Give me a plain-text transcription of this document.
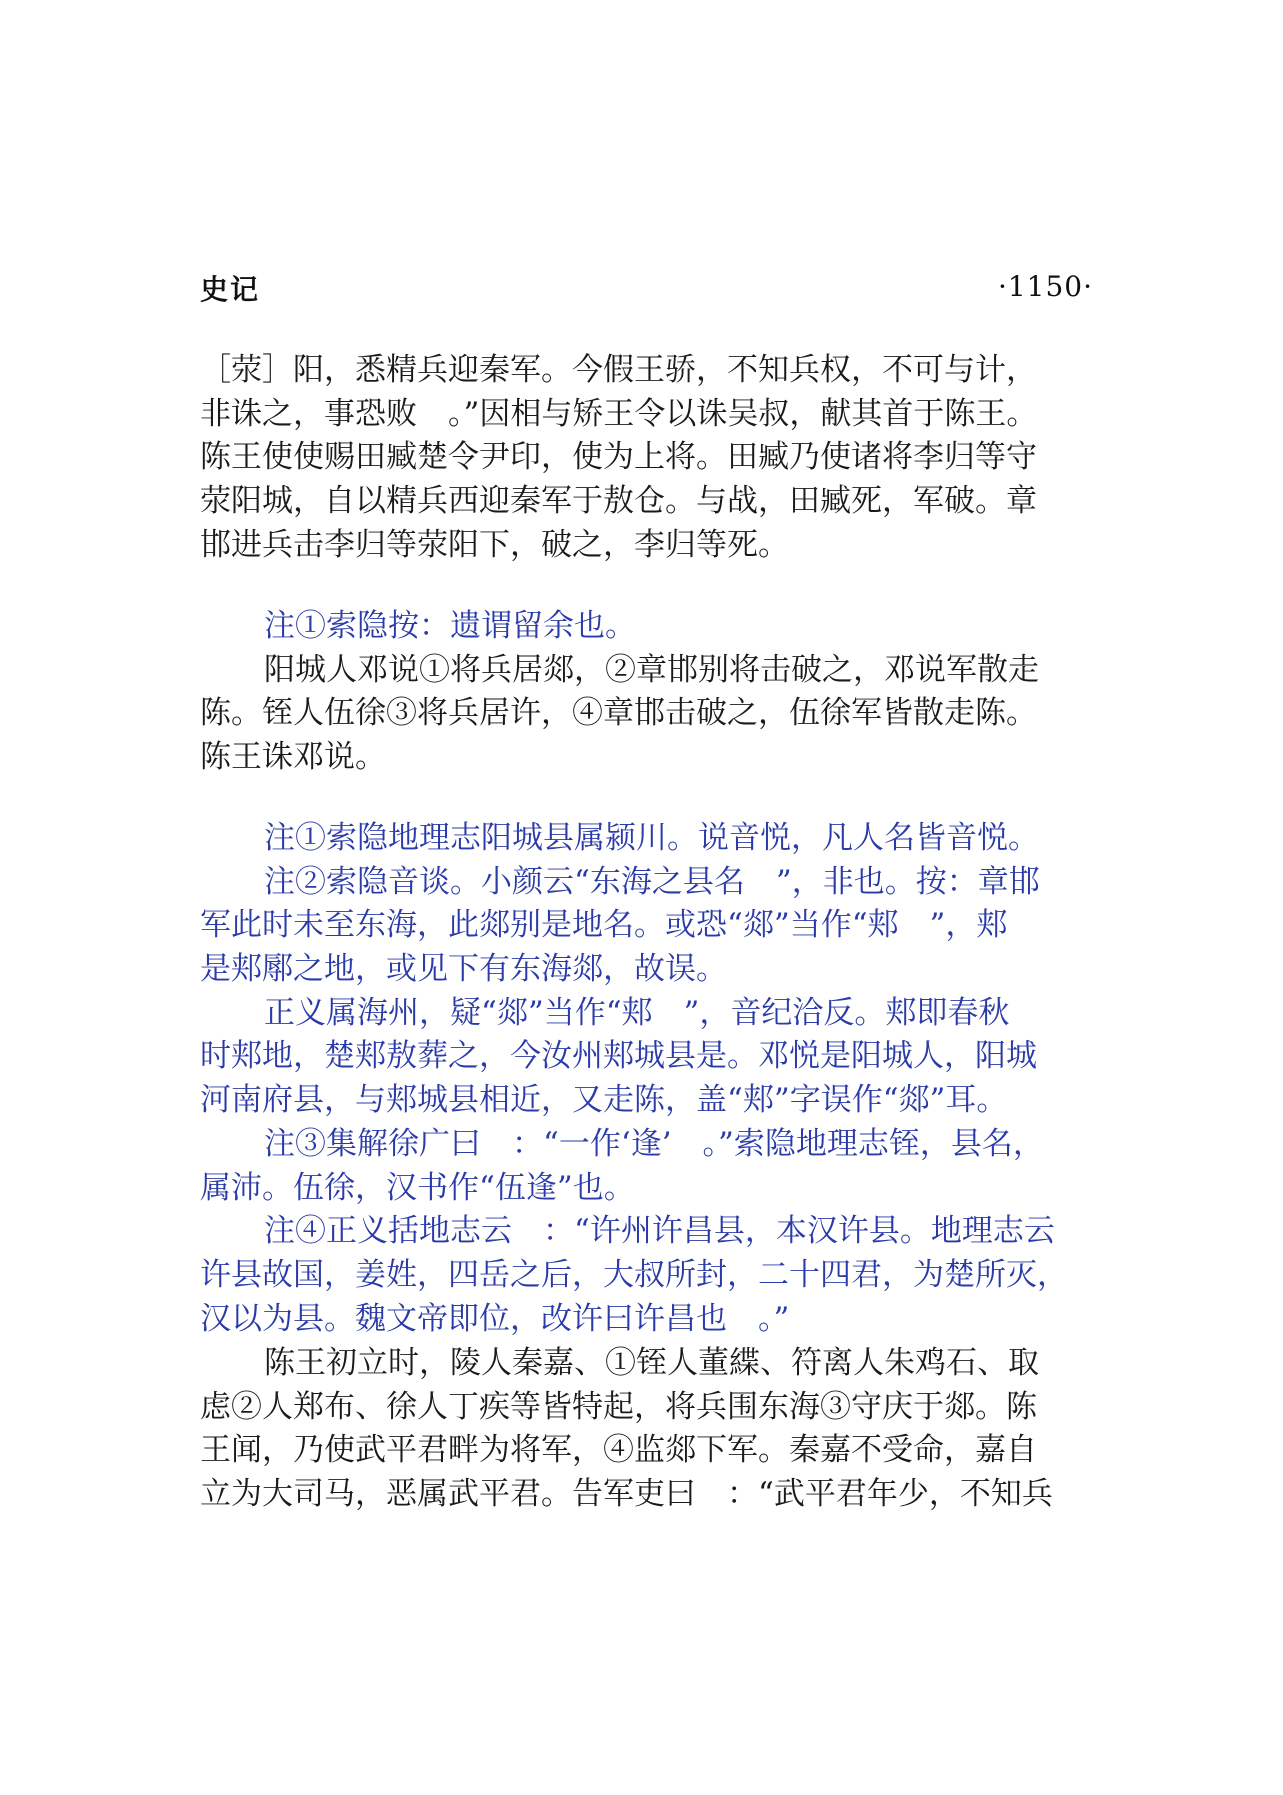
史记	·1150·
［荥］阳，悉精兵迎秦军。今假王骄，不知兵权，不可与计，
非诛之，事恐败　。”因相与矫王令以诛吴叔，献其首于陈王。
陈王使使赐田臧楚令尹印，使为上将。田臧乃使诸将李归等守
荥阳城，自以精兵西迎秦军于敖仓。与战，田臧死，军破。章
邯进兵击李归等荥阳下，破之，李归等死。
注①索隐按：遗谓留余也。
阳城人邓说①将兵居郯，②章邯别将击破之，邓说军散走
陈。铚人伍徐③将兵居许，④章邯击破之，伍徐军皆散走陈。
陈王诛邓说。
注①索隐地理志阳城县属颍川。说音悦，凡人名皆音悦。
注②索隐音谈。小颜云“东海之县名　”，非也。按：章邯
军此时未至东海，此郯别是地名。或恐“郯”当作“郏　”，郏
是郏鄏之地，或见下有东海郯，故误。
正义属海州，疑“郯”当作“郏　”，音纪洽反。郏即春秋
时郏地，楚郏敖葬之，今汝州郏城县是。邓悦是阳城人，阳城
河南府县，与郏城县相近，又走陈，盖“郏”字误作“郯”耳。
注③集解徐广曰　：“一作‘逢’　。”索隐地理志铚，县名，
属沛。伍徐，汉书作“伍逢”也。
注④正义括地志云　：“许州许昌县，本汉许县。地理志云
许县故国，姜姓，四岳之后，大叔所封，二十四君，为楚所灭，
汉以为县。魏文帝即位，改许曰许昌也　。”
陈王初立时，陵人秦嘉、①铚人董緤、符离人朱鸡石、取
虑②人郑布、徐人丁疾等皆特起，将兵围东海③守庆于郯。陈
王闻，乃使武平君畔为将军，④监郯下军。秦嘉不受命，嘉自
立为大司马，恶属武平君。告军吏曰　：“武平君年少，不知兵
